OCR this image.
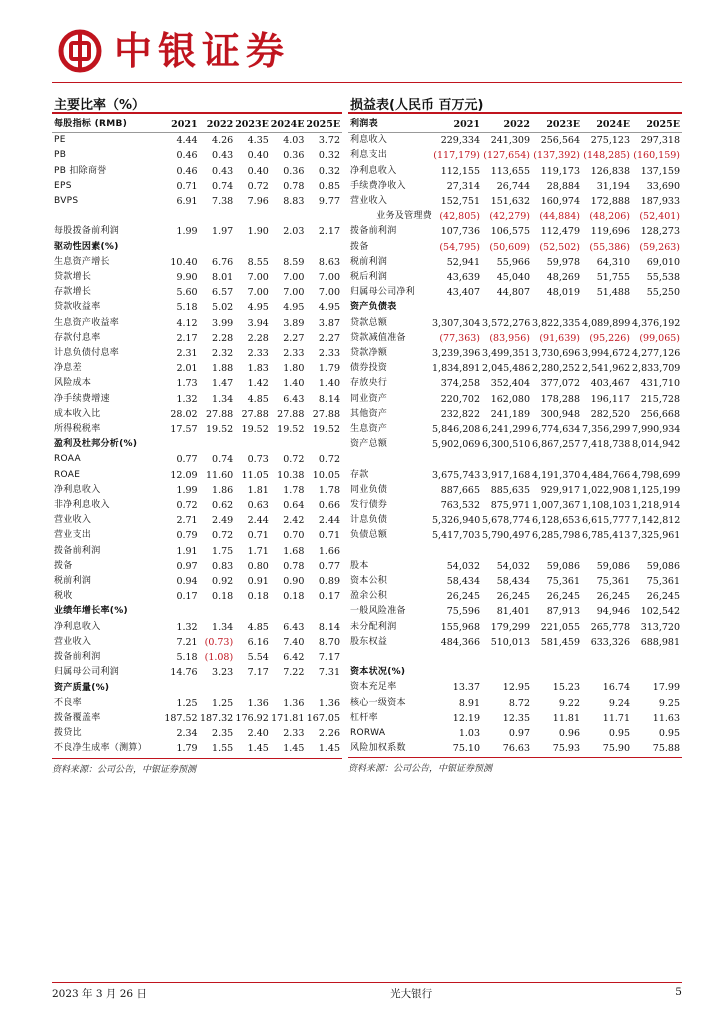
中银证券
主要比率（%）
每股指标 (RMB)	2021	2022	2023E	2024E	2025E
PE	4.44	4.26	4.35	4.03	3.72
PB	0.46	0.43	0.40	0.36	0.32
PB 扣除商誉	0.46	0.43	0.40	0.36	0.32
EPS	0.71	0.74	0.72	0.78	0.85
BVPS	6.91	7.38	7.96	8.83	9.77

每股拨备前利润	1.99	1.97	1.90	2.03	2.17
驱动性因素(%)					
生息资产增长	10.40	6.76	8.55	8.59	8.63
贷款增长	9.90	8.01	7.00	7.00	7.00
存款增长	5.60	6.57	7.00	7.00	7.00
贷款收益率	5.18	5.02	4.95	4.95	4.95
生息资产收益率	4.12	3.99	3.94	3.89	3.87
存款付息率	2.17	2.28	2.28	2.27	2.27
计息负债付息率	2.31	2.32	2.33	2.33	2.33
净息差	2.01	1.88	1.83	1.80	1.79
风险成本	1.73	1.47	1.42	1.40	1.40
净手续费增速	1.32	1.34	4.85	6.43	8.14
成本收入比	28.02	27.88	27.88	27.88	27.88
所得税税率	17.57	19.52	19.52	19.52	19.52
盈利及杜邦分析(%)					
ROAA	0.77	0.74	0.73	0.72	0.72
ROAE	12.09	11.60	11.05	10.38	10.05
净利息收入	1.99	1.86	1.81	1.78	1.78
非净利息收入	0.72	0.62	0.63	0.64	0.66
营业收入	2.71	2.49	2.44	2.42	2.44
营业支出	0.79	0.72	0.71	0.70	0.71
拨备前利润	1.91	1.75	1.71	1.68	1.66
拨备	0.97	0.83	0.80	0.78	0.77
税前利润	0.94	0.92	0.91	0.90	0.89
税收	0.17	0.18	0.18	0.18	0.17
业绩年增长率(%)					
净利息收入	1.32	1.34	4.85	6.43	8.14
营业收入	7.21	(0.73)	6.16	7.40	8.70
拨备前利润	5.18	(1.08)	5.54	6.42	7.17
归属母公司利润	14.76	3.23	7.17	7.22	7.31
资产质量(%)					
不良率	1.25	1.25	1.36	1.36	1.36
拨备覆盖率	187.52	187.32	176.92	171.81	167.05
拨贷比	2.34	2.35	2.40	2.33	2.26
不良净生成率（测算）	1.79	1.55	1.45	1.45	1.45
资料来源：公司公告，中银证券预测
损益表(人民币 百万元)
利润表	2021	2022	2023E	2024E	2025E
利息收入	229,334	241,309	256,564	275,123	297,318
利息支出	(117,179)	(127,654)	(137,392)	(148,285)	(160,159)
净利息收入	112,155	113,655	119,173	126,838	137,159
手续费净收入	27,314	26,744	28,884	31,194	33,690
营业收入	152,751	151,632	160,974	172,888	187,933
业务及管理费	(42,805)	(42,279)	(44,884)	(48,206)	(52,401)
拨备前利润	107,736	106,575	112,479	119,696	128,273
拨备	(54,795)	(50,609)	(52,502)	(55,386)	(59,263)
税前利润	52,941	55,966	59,978	64,310	69,010
税后利润	43,639	45,040	48,269	51,755	55,538
归属母公司净利	43,407	44,807	48,019	51,488	55,250
资产负债表					
贷款总额	3,307,304	3,572,276	3,822,335	4,089,899	4,376,192
贷款减值准备	(77,363)	(83,956)	(91,639)	(95,226)	(99,065)
贷款净额	3,239,396	3,499,351	3,730,696	3,994,672	4,277,126
债券投资	1,834,891	2,045,486	2,280,252	2,541,962	2,833,709
存放央行	374,258	352,404	377,072	403,467	431,710
同业资产	220,702	162,080	178,288	196,117	215,728
其他资产	232,822	241,189	300,948	282,520	256,668
生息资产	5,846,208	6,241,299	6,774,634	7,356,299	7,990,934
资产总额	5,902,069	6,300,510	6,867,257	7,418,738	8,014,942

存款	3,675,743	3,917,168	4,191,370	4,484,766	4,798,699
同业负债	887,665	885,635	929,917	1,022,908	1,125,199
发行债券	763,532	875,971	1,007,367	1,108,103	1,218,914
计息负债	5,326,940	5,678,774	6,128,653	6,615,777	7,142,812
负债总额	5,417,703	5,790,497	6,285,798	6,785,413	7,325,961

股本	54,032	54,032	59,086	59,086	59,086
资本公积	58,434	58,434	75,361	75,361	75,361
盈余公积	26,245	26,245	26,245	26,245	26,245
一般风险准备	75,596	81,401	87,913	94,946	102,542
未分配利润	155,968	179,299	221,055	265,778	313,720
股东权益	484,366	510,013	581,459	633,326	688,981

资本状况(%)					
资本充足率	13.37	12.95	15.23	16.74	17.99
核心一级资本	8.91	8.72	9.22	9.24	9.25
杠杆率	12.19	12.35	11.81	11.71	11.63
RORWA	1.03	0.97	0.96	0.95	0.95
风险加权系数	75.10	76.63	75.93	75.90	75.88
资料来源：公司公告，中银证券预测
2023 年 3 月 26 日	光大银行	5
